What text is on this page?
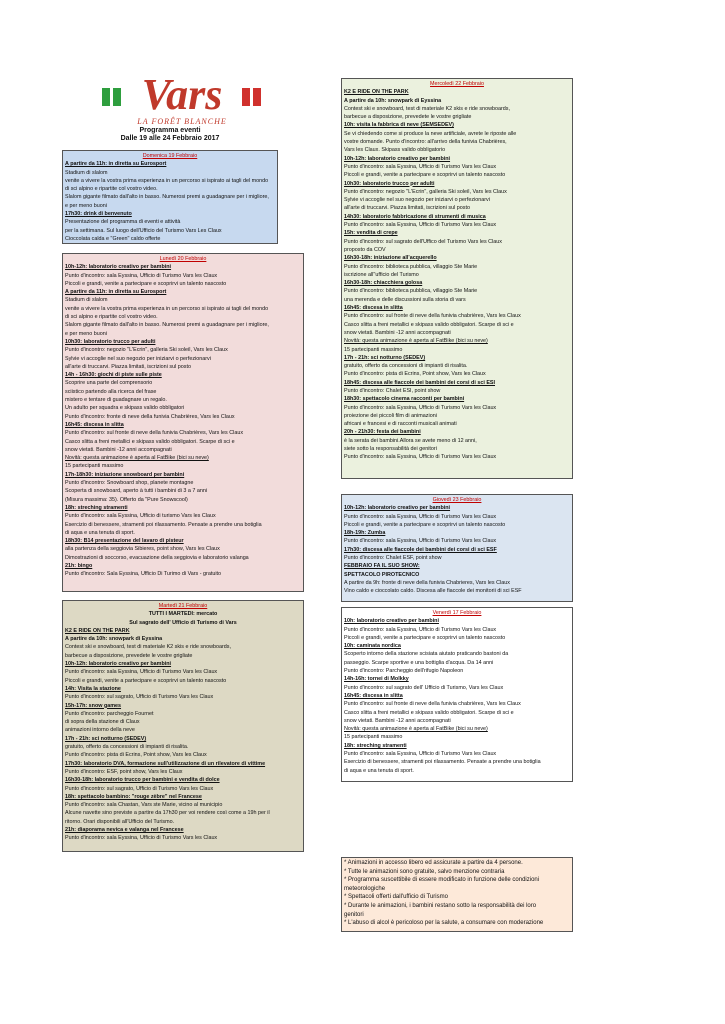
Vars
LA FORÊT BLANCHE
Programma eventi
Dalle 19 alle 24 Febbraio 2017
Domenica 19 Febbraio
A partire da 11h: in diretta su Eurosport
Stadium di slalom
venite a vivere la vostra prima esperienza in un percorso si ispirato ai tagli del mondo
di sci alpino e ripartite col vostro video.
Slalom gigante filmato dall'alto in basso. Numerosi premi a guadagnare per i migliore,
e per meno buoni
17h30: drink di benvenuto
Presentazione del programma di eventi e attività
per la settimana. Sul luogo dell'Ufficio del Turismo Vars Les Claux
Cioccolata calda e "Green" caldo offerte
Lunedì 20 Febbraio
10h-12h: laboratorio creativo per bambini
Punto d'incontro: sala Eyssina, Ufficio di Turismo Vars les Claux
Piccoli e grandi, venite a partecipare e scoprirvi un talento nascosto
A partire da 11h: in diretta su Eurosport
Stadium di slalom
venite a vivere la vostra prima esperienza in un percorso si ispirato ai tagli del mondo
di sci alpino e ripartite col vostro video.
Slalom gigante filmato dall'alto in basso. Numerosi premi a guadagnare per i migliore,
e per meno buoni
10h30: laboratorio trucco per adulti
Punto d'incontro: negozio "L'Ecrin", galleria Ski soleil, Vars les Claux
Sylvie vi accoglie nel suo negozio per iniziarvi o perfezionarvi
all'arte di truccarvi. Piazza limitati, iscrizioni sul posto
14h - 16h30: giochi di piste sulle piste
Scoprire una parte del comprensorio
sciistico partendo alla ricerca del frase
mistero e tentare di guadagnare un regalo.
Un adulto per squadra e skipass valido obbligatori
Punto d'incontro: fronte di neve della funivia Chabrières, Vars les Claux
16h45: discesa in slitta
Punto d'incontro: sul fronte di neve della funivia Chabrières, Vars les Claux
Casco slitta a freni metallici e skipass valido obbligatori. Scarpe di sci e
snow vietati. Bambini -12 anni accompagnati
Novità: questa animazione è aperta al FatBike (bici su neve)
15 partecipanti massimo
17h-18h30: iniziazione snowboard per bambini
Punto d'incontro: Snowboard shop, planete montagne
Scoperta di snowboard, aperto à tutti i bambini di 3 a 7 anni
(Misura massima: 35). Offerto da "Pure Snowscool)
18h: streching stramenti
Punto d'incontro: sala Eyssina, Ufficio di turismo Vars les Claux
Esercizio di benessere, stramenti poi rilassamento. Pensate a prendre una botiglia
di aqua e una tenuta di sport.
18h30: B14 presentazione del lavaro di pisteur
alla partenza della seggiovia Sibieres, point show, Vars les Claux
Dimostrazioni di soccorso, evacuazione della seggiovia e laboratorio valanga
21h: bingo
Punto d'incontro: Sala Eyssina, Ufficio Di Turimo di Vars - gratuito
Martedì 21 Febbraio
TUTTI I MARTEDI: mercato
Sul sagrato dell' Ufficio di Turismo di Vars
K2 E RIDE ON THE PARK
A partire da 10h: snowpark di Eyssina
Contest ski e snowboard, test di materiale K2 skis e ride snowboards,
barbecue a disposizione, prevedete le vostre grigliate
10h-12h: laboratorio creativo per bambini
Punto d'incontro: sala Eyssina, Ufficio di Turismo Vars les Claux
Piccoli e grandi, venite a partecipare e scoprirvi un talento nascosto
14h: Visita la stazione
Punto d'incontro: sul sagrato, Ufficio di Turismo Vars les Claux
15h-17h: snow games
Punto d'incontro: parcheggio Fournet
di sopra della stazione di Claux
animazioni intorno della neve
17h - 21h: sci notturno (SEDEV)
gratuito, offerto da concessioni di impianti di risalita.
Punto d'incontro: pista di Ecrins, Point show, Vars les Claux
17h30: laboratorio DVA, formazione sull'utilizzazione di un rilevatore di vittime
Punto d'incontro: ESF, point show, Vars les Claux
16h30-18h: laboratorio trucco per bambini e vendita di dolce
Punto d'incontro: sul sagrato, Ufficio di Turismo Vars les Claux
18h: spettacolo bambino: "rouge zèbre" nel Francese
Punto d'incontro: sala Chastan, Vars ste Marie, vicino al municipio
Alcune navette sino previste a partire da 17h30 per voi rendere così come a 19h per il
ritorno. Orari disponibili all'Ufficio del Turismo.
21h: diaporama nevica e valanga nel Francese
Punto d'incontro: sala Eyssina, Ufficio di Turismo Vars les Claux
Mercoledì 22 Febbraio
K2 E RIDE ON THE PARK
A partire da 10h: snowpark di Eyssina
Contest ski e snowboard, test di materiale K2 skis e ride snowboards,
barbecue a disposizione, prevedete le vostre grigliate
10h: visita la fabbrica di neve (SEMSEDEV)
Se vi chiedendo come si produce la neve artificiale, avrete le riposte alle
vostre domande. Punto d'incontro: all'arrivo della funivia Chabrières,
Vars les Claux. Skipass valido obbligatorio
10h-12h: laboratorio creativo per bambini
Punto d'incontro: sala Eyssina, Ufficio di Turismo Vars les Claux
Piccoli e grandi, venite a partecipare e scoprirvi un talento nascosto
10h30: laboratorio trucco per adulti
Punto d'incontro: negozio "L'Ecrin", galleria Ski soleil, Vars les Claux
Sylvie vi accoglie nel suo negozio per iniziarvi o perfezionarvi
all'arte di truccarvi. Piazza limitati, iscrizioni sul posto
14h30: laboratorio fabbricazione di strumenti di musica
Punto d'incontro: sala Eyssina, Ufficio di Turismo Vars les Claux
15h: vendita di crepe
Punto d'incontro: sul sagrato dell'Uffico del Turismo Vars les Claux
proposto da COV
16h30-18h: iniziazione all'acquerello
Punto d'incontro: biblioteca pubblica, villaggio Ste Marie
iscrizione all''ufficio del Turismo
16h30-18h: chiacchiera golosa
Punto d'incontro: biblioteca pubblica, villaggio Ste Marie
una merenda e delle discussioni sulla storia di vars
16h45: discesa in slitta
Punto d'incontro: sul fronte di neve della funivia chabrières, Vars les Claux
Casco slitta a freni metallici e skipass valido obbligatori. Scarpe di sci e
snow vietati. Bambini -12 anni accompagnati
Novità: questa animazione è aperta al FatBike (bici su neve)
15 partecipanti massimo
17h - 21h: sci notturno (SEDEV)
gratuito, offerto da concessioni di impianti di risalita.
Punto d'incontro: pista di Ecrins, Point show, Vars les Claux
18h45: discesa alle fiaccole dei bambini dei corsi di sci ESI
Punto d'incontro: Chalet ESI, point show
18h30: spettacolo cinema racconti per bambini
Punto d'incontro: sala Eyssina, Ufficio di Turismo Vars les Claux
proiezione dei piccoli film di animazioni
africani e francesi e di racconti musicali animati
20h - 21h30: festa dei bambini
è la serata dei bambini.Allora se avete meno di 12 anni,
siete sotto la responsabilità dei genitori
Punto d'incontro: sala Eyssina, Ufficio di Turismo Vars les Claux
Giovedì 23 Febbraio
10h-12h: laboratorio creativo per bambini
Punto d'incontro: sala Eyssina, Ufficio di Turismo Vars les Claux
Piccoli e grandi, venite a partecipare e scoprirvi un talento nascosto
18h-19h: Zumba
Punto d'incontro: sala Eyssina, Ufficio di Turismo Vars les Claux
17h30: discesa alle fiaccole dei bambini dei corsi di sci ESF
Punto d'incontro: Chalet ESF, point show
FEBBRAIO FA IL SUO SHOW:
SPETTACOLO PIROTECNICO
A partire da 9h: fronte di neve della funivia Chabrieres, Vars les Claux
Vino caldo e cioccolato caldo. Discesa alle fiaccole dei monitorii di sci ESF
Venerdì 17 Febbraio
10h: laboratorio creativo per bambini
Punto d'incontro: sala Eyssina, Ufficio di Turismo Vars les Claux
Piccoli e grandi, venite a partecipare e scoprirvi un talento nascosto
10h: caminata nordica
Scoperto intorno della stazione scisiata aiutato praticando bastoni da
passeggio. Scarpe sportive e una bottiglia d'acqua. Da 14 anni
Punto d'incontro: Parcheggio dell'rifugio Napoleon
14h-16h: tornei di Molkky
Punto d'incontro: sul sagrato dell' Ufficio di Turismo, Vars les Claux
16h45: discesa in slitta
Punto d'incontro: sul fronte di neve della funivia chabrières, Vars les Claux
Casco slitta a freni metallici e skipass valido obbligatori. Scarpe di sci e
snow vietati. Bambini -12 anni accompagnati
Novità: questa animazione è aperta al FatBike (bici su neve)
15 partecipanti massimo
18h: streching stramenti
Punto d'incontro: sala Eyssina, Ufficio di Turismo Vars les Claux
Esercizio di benessere, stramenti poi rilassamento. Pensate a prendre una botiglia
di aqua e una tenuta di sport.
* Animazioni in accesso libero ed assicurate a partire da 4 persone.
* Tutte le animazioni sono gratuite, salvo menzione contraria
* Programma suscettibile di essere modificato in funzione delle condizioni
meteorologiche
* Spettacoli offerti dall'ufficio di Turismo
* Durante le animazioni, i bambini restano sotto la responsabilità dei loro
genitori
* L'abuso di alcol è pericoloso per la salute, a consumare con moderazione
